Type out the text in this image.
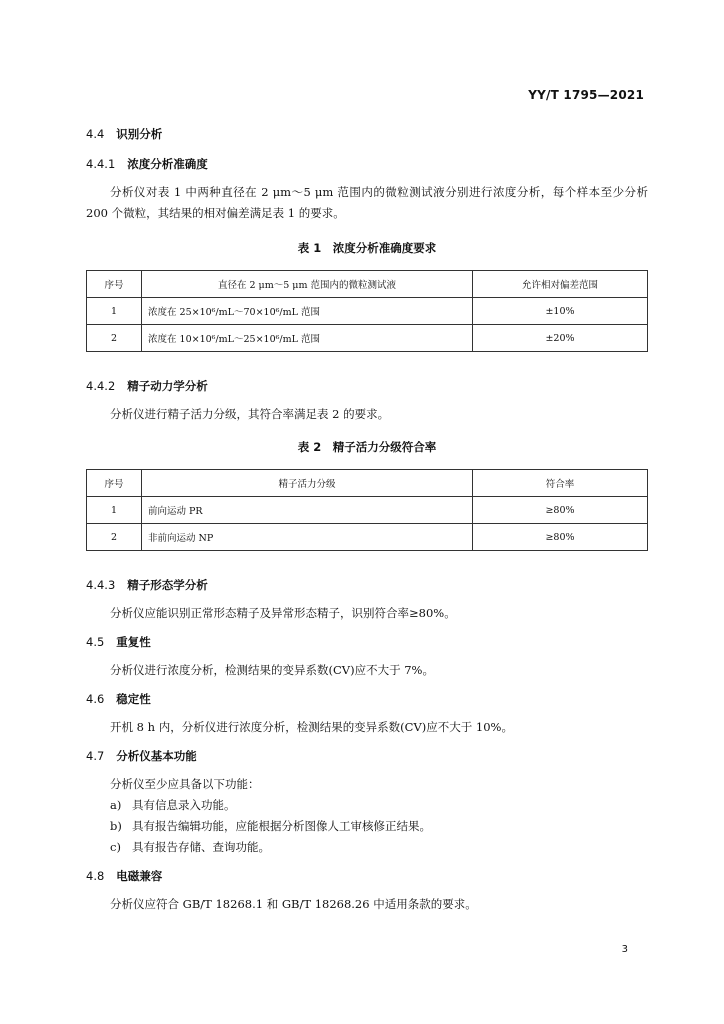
YY/T 1795—2021

4.4 识别分析

4.4.1 浓度分析准确度

分析仪对表 1 中两种直径在 2 μm～5 μm 范围内的微粒测试液分别进行浓度分析，每个样本至少分析 200 个微粒，其结果的相对偏差满足表 1 的要求。

表 1　浓度分析准确度要求

序号	直径在 2 μm～5 μm 范围内的微粒测试液	允许相对偏差范围
1	浓度在 25×10⁶/mL～70×10⁶/mL 范围	±10%
2	浓度在 10×10⁶/mL～25×10⁶/mL 范围	±20%

4.4.2 精子动力学分析

分析仪进行精子活力分级，其符合率满足表 2 的要求。

表 2　精子活力分级符合率

序号	精子活力分级	符合率
1	前向运动 PR	≥80%
2	非前向运动 NP	≥80%

4.4.3 精子形态学分析

分析仪应能识别正常形态精子及异常形态精子，识别符合率≥80%。

4.5 重复性

分析仪进行浓度分析，检测结果的变异系数(CV)应不大于 7%。

4.6 稳定性

开机 8 h 内，分析仪进行浓度分析，检测结果的变异系数(CV)应不大于 10%。

4.7 分析仪基本功能

分析仪至少应具备以下功能：

a) 具有信息录入功能。

b) 具有报告编辑功能，应能根据分析图像人工审核修正结果。

c) 具有报告存储、查询功能。

4.8 电磁兼容

分析仪应符合 GB/T 18268.1 和 GB/T 18268.26 中适用条款的要求。

3
